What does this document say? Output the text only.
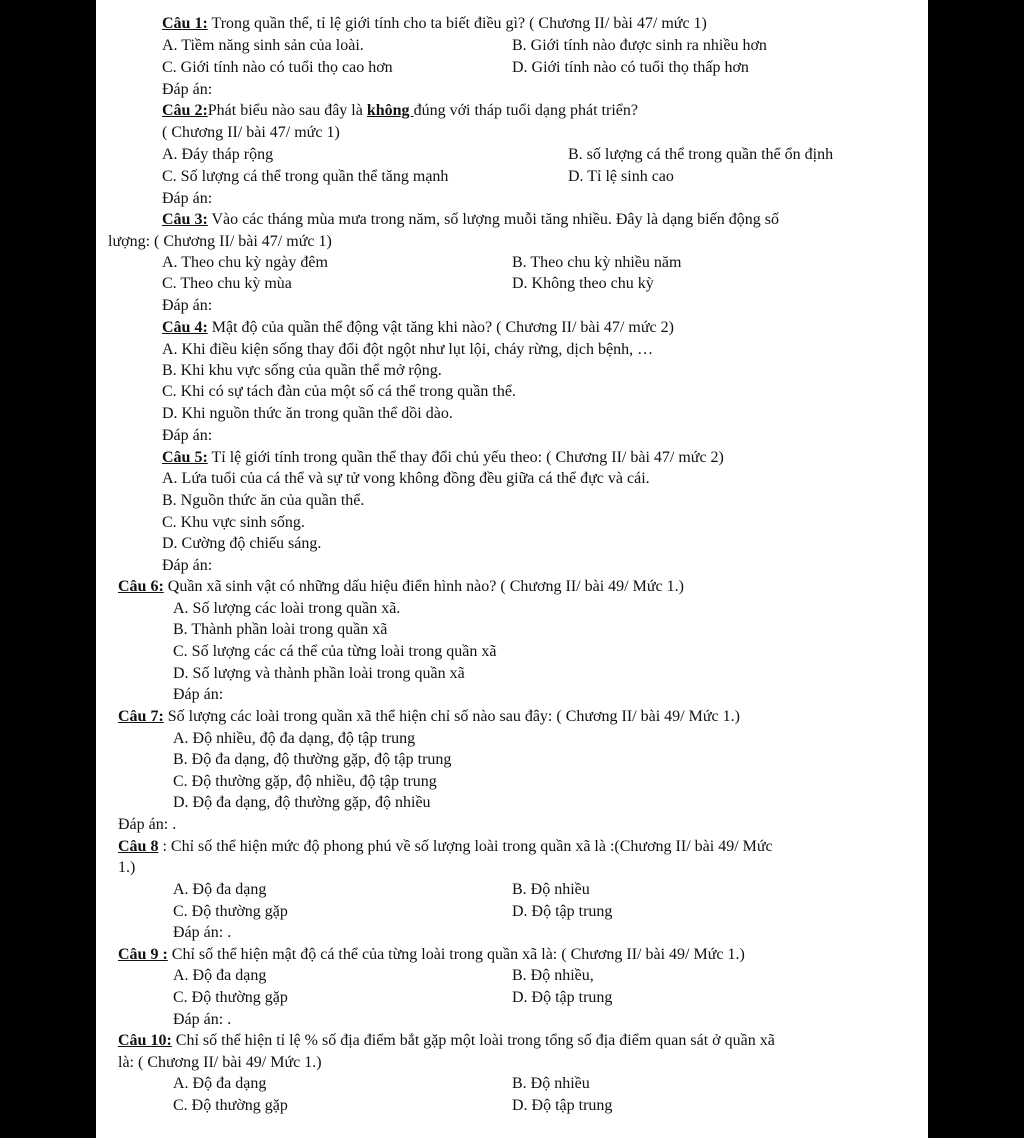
Câu 1: Trong quần thể, tỉ lệ giới tính cho ta biết điều gì? ( Chương II/ bài 47/ mức 1)
A. Tiềm năng sinh sản của loài.	B. Giới tính nào được sinh ra nhiều hơn
C. Giới tính nào có tuổi thọ cao hơn	D. Giới tính nào có tuổi thọ thấp hơn
Đáp án:
Câu 2:Phát biểu nào sau đây là không đúng với tháp tuổi dạng phát triển?
( Chương II/ bài 47/ mức 1)
A. Đáy tháp rộng	B. số lượng cá thể trong quần thể ổn định
C. Số lượng cá thể trong quần thể tăng mạnh	D. Tỉ lệ sinh cao
Đáp án:
Câu 3: Vào các tháng mùa mưa trong năm, số lượng muỗi tăng nhiều. Đây là dạng biến động số
lượng: ( Chương II/ bài 47/ mức 1)
A. Theo chu kỳ ngày đêm	B. Theo chu kỳ nhiều năm
C. Theo chu kỳ mùa	D. Không theo chu kỳ
Đáp án:
Câu 4: Mật độ của quần thể động vật tăng khi nào? ( Chương II/ bài 47/ mức 2)
A. Khi điều kiện sống thay đổi đột ngột như lụt lội, cháy rừng, dịch bệnh, …
B. Khi khu vực sống của quần thể mở rộng.
C. Khi có sự tách đàn của một số cá thể trong quần thể.
D. Khi nguồn thức ăn trong quần thể dồi dào.
Đáp án:
Câu 5: Tỉ lệ giới tính trong quần thể thay đổi chủ yếu theo: ( Chương II/ bài 47/ mức 2)
A. Lứa tuổi của cá thể và sự tử vong không đồng đều giữa cá thể đực và cái.
B. Nguồn thức ăn của quần thể.
C. Khu vực sinh sống.
D. Cường độ chiếu sáng.
Đáp án:
Câu 6: Quần xã sinh vật có những dấu hiệu điển hình nào? ( Chương II/ bài 49/ Mức 1.)
A. Số lượng các loài trong quần xã.
B. Thành phần loài trong quần xã
C. Số lượng các cá thể của từng loài trong quần xã
D. Số lượng và thành phần loài trong quần xã
Đáp án:
Câu 7: Số lượng các loài trong quần xã thể hiện chỉ số nào sau đây: ( Chương II/ bài 49/ Mức 1.)
A. Độ nhiều, độ đa dạng, độ tập trung
B. Độ đa dạng, độ thường gặp, độ tập trung
C. Độ thường gặp, độ nhiều, độ tập trung
D. Độ đa dạng, độ thường gặp, độ nhiều
Đáp án: .
Câu 8 : Chỉ số thể hiện mức độ phong phú về số lượng loài trong quần xã là :(Chương II/ bài 49/ Mức
1.)
A. Độ đa dạng	B. Độ nhiều
C. Độ thường gặp	D. Độ tập trung
Đáp án: .
Câu 9 : Chỉ số thể hiện mật độ cá thể của từng loài trong quần xã là: ( Chương II/ bài 49/ Mức 1.)
A. Độ đa dạng	B. Độ nhiều,
C. Độ thường gặp	D. Độ tập trung
Đáp án: .
Câu 10: Chỉ số thể hiện tỉ lệ % số địa điểm bắt gặp một loài trong tổng số địa điểm quan sát ở quần xã
là: ( Chương II/ bài 49/ Mức 1.)
A. Độ đa dạng	B. Độ nhiều
C. Độ thường gặp	D. Độ tập trung
